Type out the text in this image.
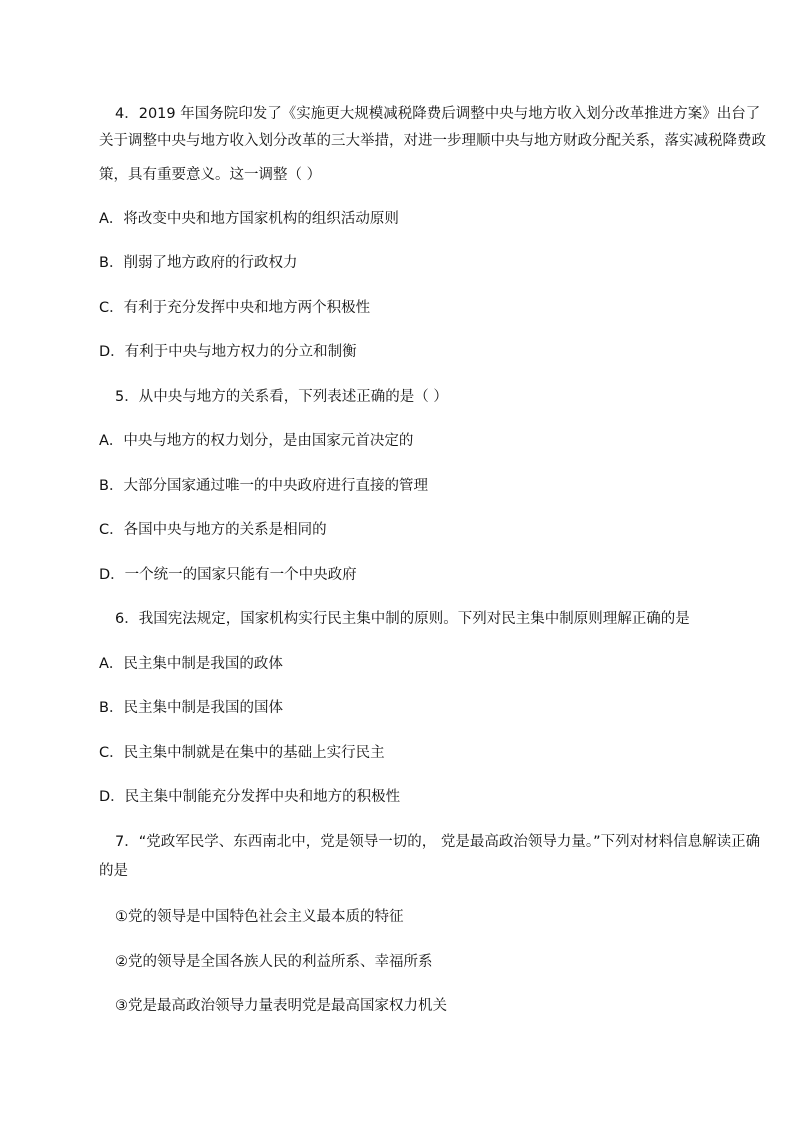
4．2019 年国务院印发了《实施更大规模减税降费后调整中央与地方收入划分改革推进方案》出台了
关于调整中央与地方收入划分改革的三大举措，对进一步理顺中央与地方财政分配关系，落实减税降费政
策，具有重要意义。这一调整（ ）
A．将改变中央和地方国家机构的组织活动原则
B．削弱了地方政府的行政权力
C．有利于充分发挥中央和地方两个积极性
D．有利于中央与地方权力的分立和制衡
5．从中央与地方的关系看，下列表述正确的是（ ）
A．中央与地方的权力划分，是由国家元首决定的
B．大部分国家通过唯一的中央政府进行直接的管理
C．各国中央与地方的关系是相同的
D．一个统一的国家只能有一个中央政府
6．我国宪法规定，国家机构实行民主集中制的原则。下列对民主集中制原则理解正确的是
A．民主集中制是我国的政体
B．民主集中制是我国的国体
C．民主集中制就是在集中的基础上实行民主
D．民主集中制能充分发挥中央和地方的积极性
7．“党政军民学、东西南北中，党是领导一切的， 党是最高政治领导力量。”下列对材料信息解读正确
的是
①党的领导是中国特色社会主义最本质的特征
②党的领导是全国各族人民的利益所系、幸福所系
③党是最高政治领导力量表明党是最高国家权力机关
